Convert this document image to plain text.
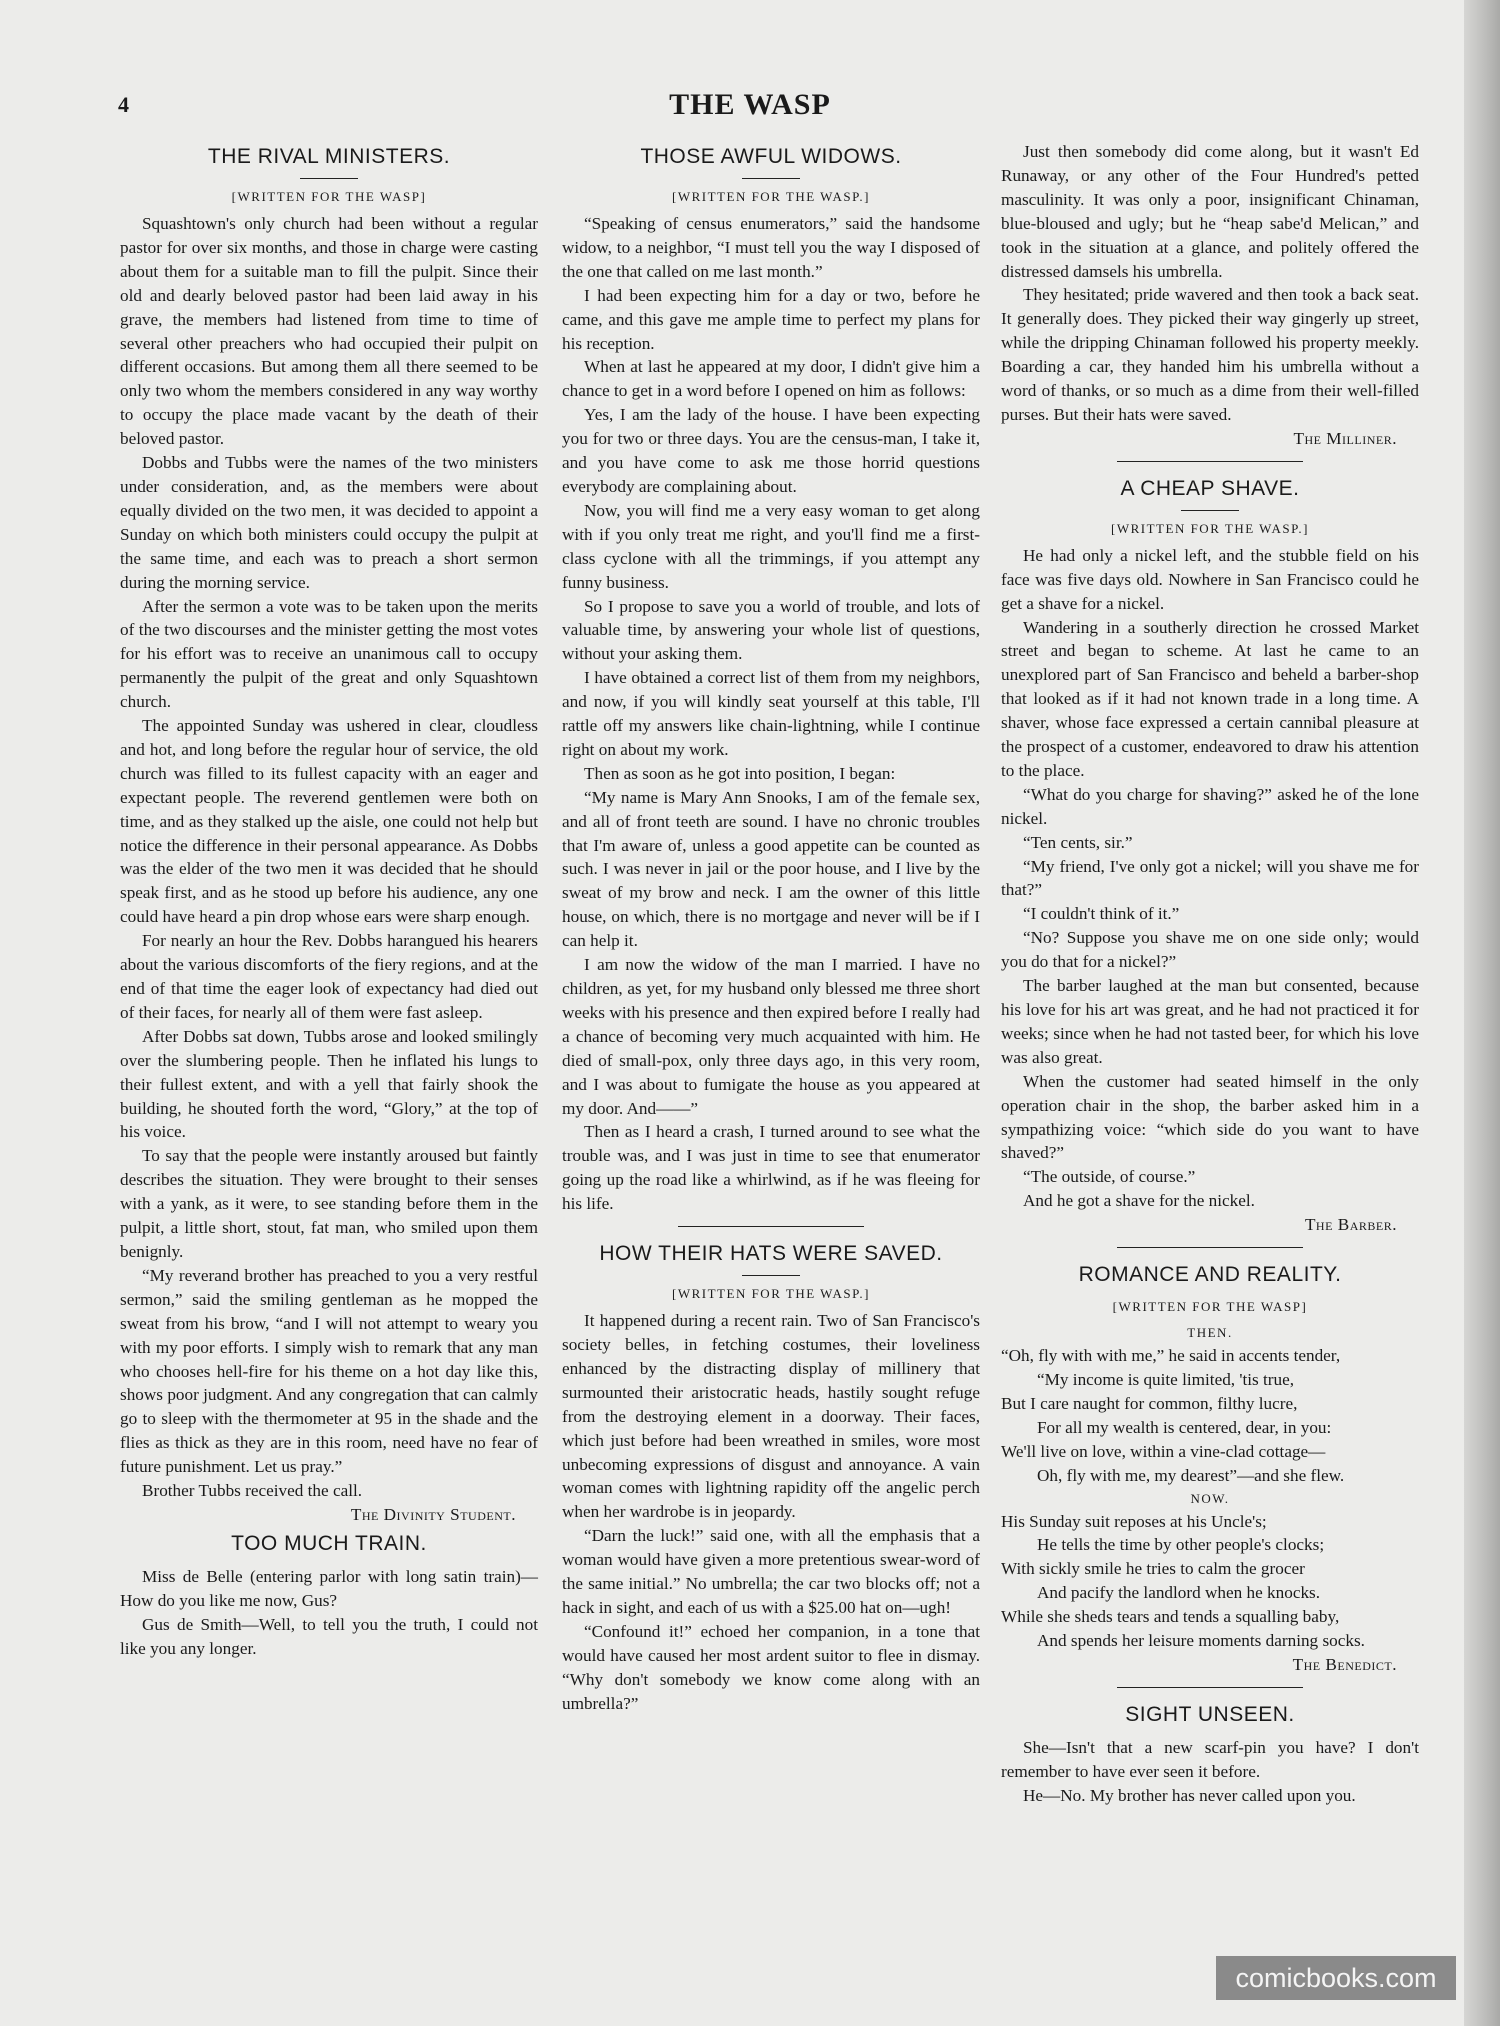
4	THE WASP
THE RIVAL MINISTERS.
[WRITTEN FOR THE WASP]

Squashtown's only church had been without a regular pastor for over six months, and those in charge were casting about them for a suitable man to fill the pulpit. Since their old and dearly beloved pastor had been laid away in his grave, the members had listened from time to time of several other preachers who had occupied their pulpit on different occasions. But among them all there seemed to be only two whom the members considered in any way worthy to occupy the place made vacant by the death of their beloved pastor.

Dobbs and Tubbs were the names of the two ministers under consideration, and, as the members were about equally divided on the two men, it was decided to appoint a Sunday on which both ministers could occupy the pulpit at the same time, and each was to preach a short sermon during the morning service.

After the sermon a vote was to be taken upon the merits of the two discourses and the minister getting the most votes for his effort was to receive an unanimous call to occupy permanently the pulpit of the great and only Squashtown church.

The appointed Sunday was ushered in clear, cloudless and hot, and long before the regular hour of service, the old church was filled to its fullest capacity with an eager and expectant people. The reverend gentlemen were both on time, and as they stalked up the aisle, one could not help but notice the difference in their personal appearance. As Dobbs was the elder of the two men it was decided that he should speak first, and as he stood up before his audience, any one could have heard a pin drop whose ears were sharp enough.

For nearly an hour the Rev. Dobbs harangued his hearers about the various discomforts of the fiery regions, and at the end of that time the eager look of expectancy had died out of their faces, for nearly all of them were fast asleep.

After Dobbs sat down, Tubbs arose and looked smilingly over the slumbering people. Then he inflated his lungs to their fullest extent, and with a yell that fairly shook the building, he shouted forth the word, “Glory,” at the top of his voice.

To say that the people were instantly aroused but faintly describes the situation. They were brought to their senses with a yank, as it were, to see standing before them in the pulpit, a little short, stout, fat man, who smiled upon them benignly.

“My reverand brother has preached to you a very restful sermon,” said the smiling gentleman as he mopped the sweat from his brow, “and I will not attempt to weary you with my poor efforts. I simply wish to remark that any man who chooses hell-fire for his theme on a hot day like this, shows poor judgment. And any congregation that can calmly go to sleep with the thermometer at 95 in the shade and the flies as thick as they are in this room, need have no fear of future punishment. Let us pray.”

Brother Tubbs received the call.

The Divinity Student.
TOO MUCH TRAIN.

Miss de Belle (entering parlor with long satin train)—How do you like me now, Gus?

Gus de Smith—Well, to tell you the truth, I could not like you any longer.

THOSE AWFUL WIDOWS.
[WRITTEN FOR THE WASP.]

“Speaking of census enumerators,” said the handsome widow, to a neighbor, “I must tell you the way I disposed of the one that called on me last month.”

I had been expecting him for a day or two, before he came, and this gave me ample time to perfect my plans for his reception.

When at last he appeared at my door, I didn't give him a chance to get in a word before I opened on him as follows:

Yes, I am the lady of the house. I have been expecting you for two or three days. You are the census-man, I take it, and you have come to ask me those horrid questions everybody are complaining about.

Now, you will find me a very easy woman to get along with if you only treat me right, and you'll find me a first-class cyclone with all the trimmings, if you attempt any funny business.

So I propose to save you a world of trouble, and lots of valuable time, by answering your whole list of questions, without your asking them.

I have obtained a correct list of them from my neighbors, and now, if you will kindly seat yourself at this table, I'll rattle off my answers like chain-lightning, while I continue right on about my work.

Then as soon as he got into position, I began:

“My name is Mary Ann Snooks, I am of the female sex, and all of front teeth are sound. I have no chronic troubles that I'm aware of, unless a good appetite can be counted as such. I was never in jail or the poor house, and I live by the sweat of my brow and neck. I am the owner of this little house, on which, there is no mortgage and never will be if I can help it.

I am now the widow of the man I married. I have no children, as yet, for my husband only blessed me three short weeks with his presence and then expired before I really had a chance of becoming very much acquainted with him. He died of small-pox, only three days ago, in this very room, and I was about to fumigate the house as you appeared at my door. And——”

Then as I heard a crash, I turned around to see what the trouble was, and I was just in time to see that enumerator going up the road like a whirlwind, as if he was fleeing for his life.

HOW THEIR HATS WERE SAVED.
[WRITTEN FOR THE WASP.]

It happened during a recent rain. Two of San Francisco's society belles, in fetching costumes, their loveliness enhanced by the distracting display of millinery that surmounted their aristocratic heads, hastily sought refuge from the destroying element in a doorway. Their faces, which just before had been wreathed in smiles, wore most unbecoming expressions of disgust and annoyance. A vain woman comes with lightning rapidity off the angelic perch when her wardrobe is in jeopardy.

“Darn the luck!” said one, with all the emphasis that a woman would have given a more pretentious swear-word of the same initial.” No umbrella; the car two blocks off; not a hack in sight, and each of us with a $25.00 hat on—ugh!

“Confound it!” echoed her companion, in a tone that would have caused her most ardent suitor to flee in dismay. “Why don't somebody we know come along with an umbrella?”

Just then somebody did come along, but it wasn't Ed Runaway, or any other of the Four Hundred's petted masculinity. It was only a poor, insignificant Chinaman, blue-bloused and ugly; but he “heap sabe'd Melican,” and took in the situation at a glance, and politely offered the distressed damsels his umbrella.

They hesitated; pride wavered and then took a back seat. It generally does. They picked their way gingerly up street, while the dripping Chinaman followed his property meekly. Boarding a car, they handed him his umbrella without a word of thanks, or so much as a dime from their well-filled purses. But their hats were saved.

The Milliner.
A CHEAP SHAVE.
[WRITTEN FOR THE WASP.]

He had only a nickel left, and the stubble field on his face was five days old. Nowhere in San Francisco could he get a shave for a nickel.

Wandering in a southerly direction he crossed Market street and began to scheme. At last he came to an unexplored part of San Francisco and beheld a barber-shop that looked as if it had not known trade in a long time. A shaver, whose face expressed a certain cannibal pleasure at the prospect of a customer, endeavored to draw his attention to the place.

“What do you charge for shaving?” asked he of the lone nickel.

“Ten cents, sir.”

“My friend, I've only got a nickel; will you shave me for that?”

“I couldn't think of it.”

“No? Suppose you shave me on one side only; would you do that for a nickel?”

The barber laughed at the man but consented, because his love for his art was great, and he had not practiced it for weeks; since when he had not tasted beer, for which his love was also great.

When the customer had seated himself in the only operation chair in the shop, the barber asked him in a sympathizing voice: “which side do you want to have shaved?”

“The outside, of course.”

And he got a shave for the nickel.

The Barber.
ROMANCE AND REALITY.
[WRITTEN FOR THE WASP]
THEN.
“Oh, fly with with me,” he said in accents tender,
“My income is quite limited, 'tis true,
But I care naught for common, filthy lucre,
For all my wealth is centered, dear, in you:
We'll live on love, within a vine-clad cottage—
Oh, fly with me, my dearest”—and she flew.
NOW.
His Sunday suit reposes at his Uncle's;
He tells the time by other people's clocks;
With sickly smile he tries to calm the grocer
And pacify the landlord when he knocks.
While she sheds tears and tends a squalling baby,
And spends her leisure moments darning socks.
The Benedict.
SIGHT UNSEEN.

She—Isn't that a new scarf-pin you have? I don't remember to have ever seen it before.

He—No. My brother has never called upon you.

comicbooks.com
